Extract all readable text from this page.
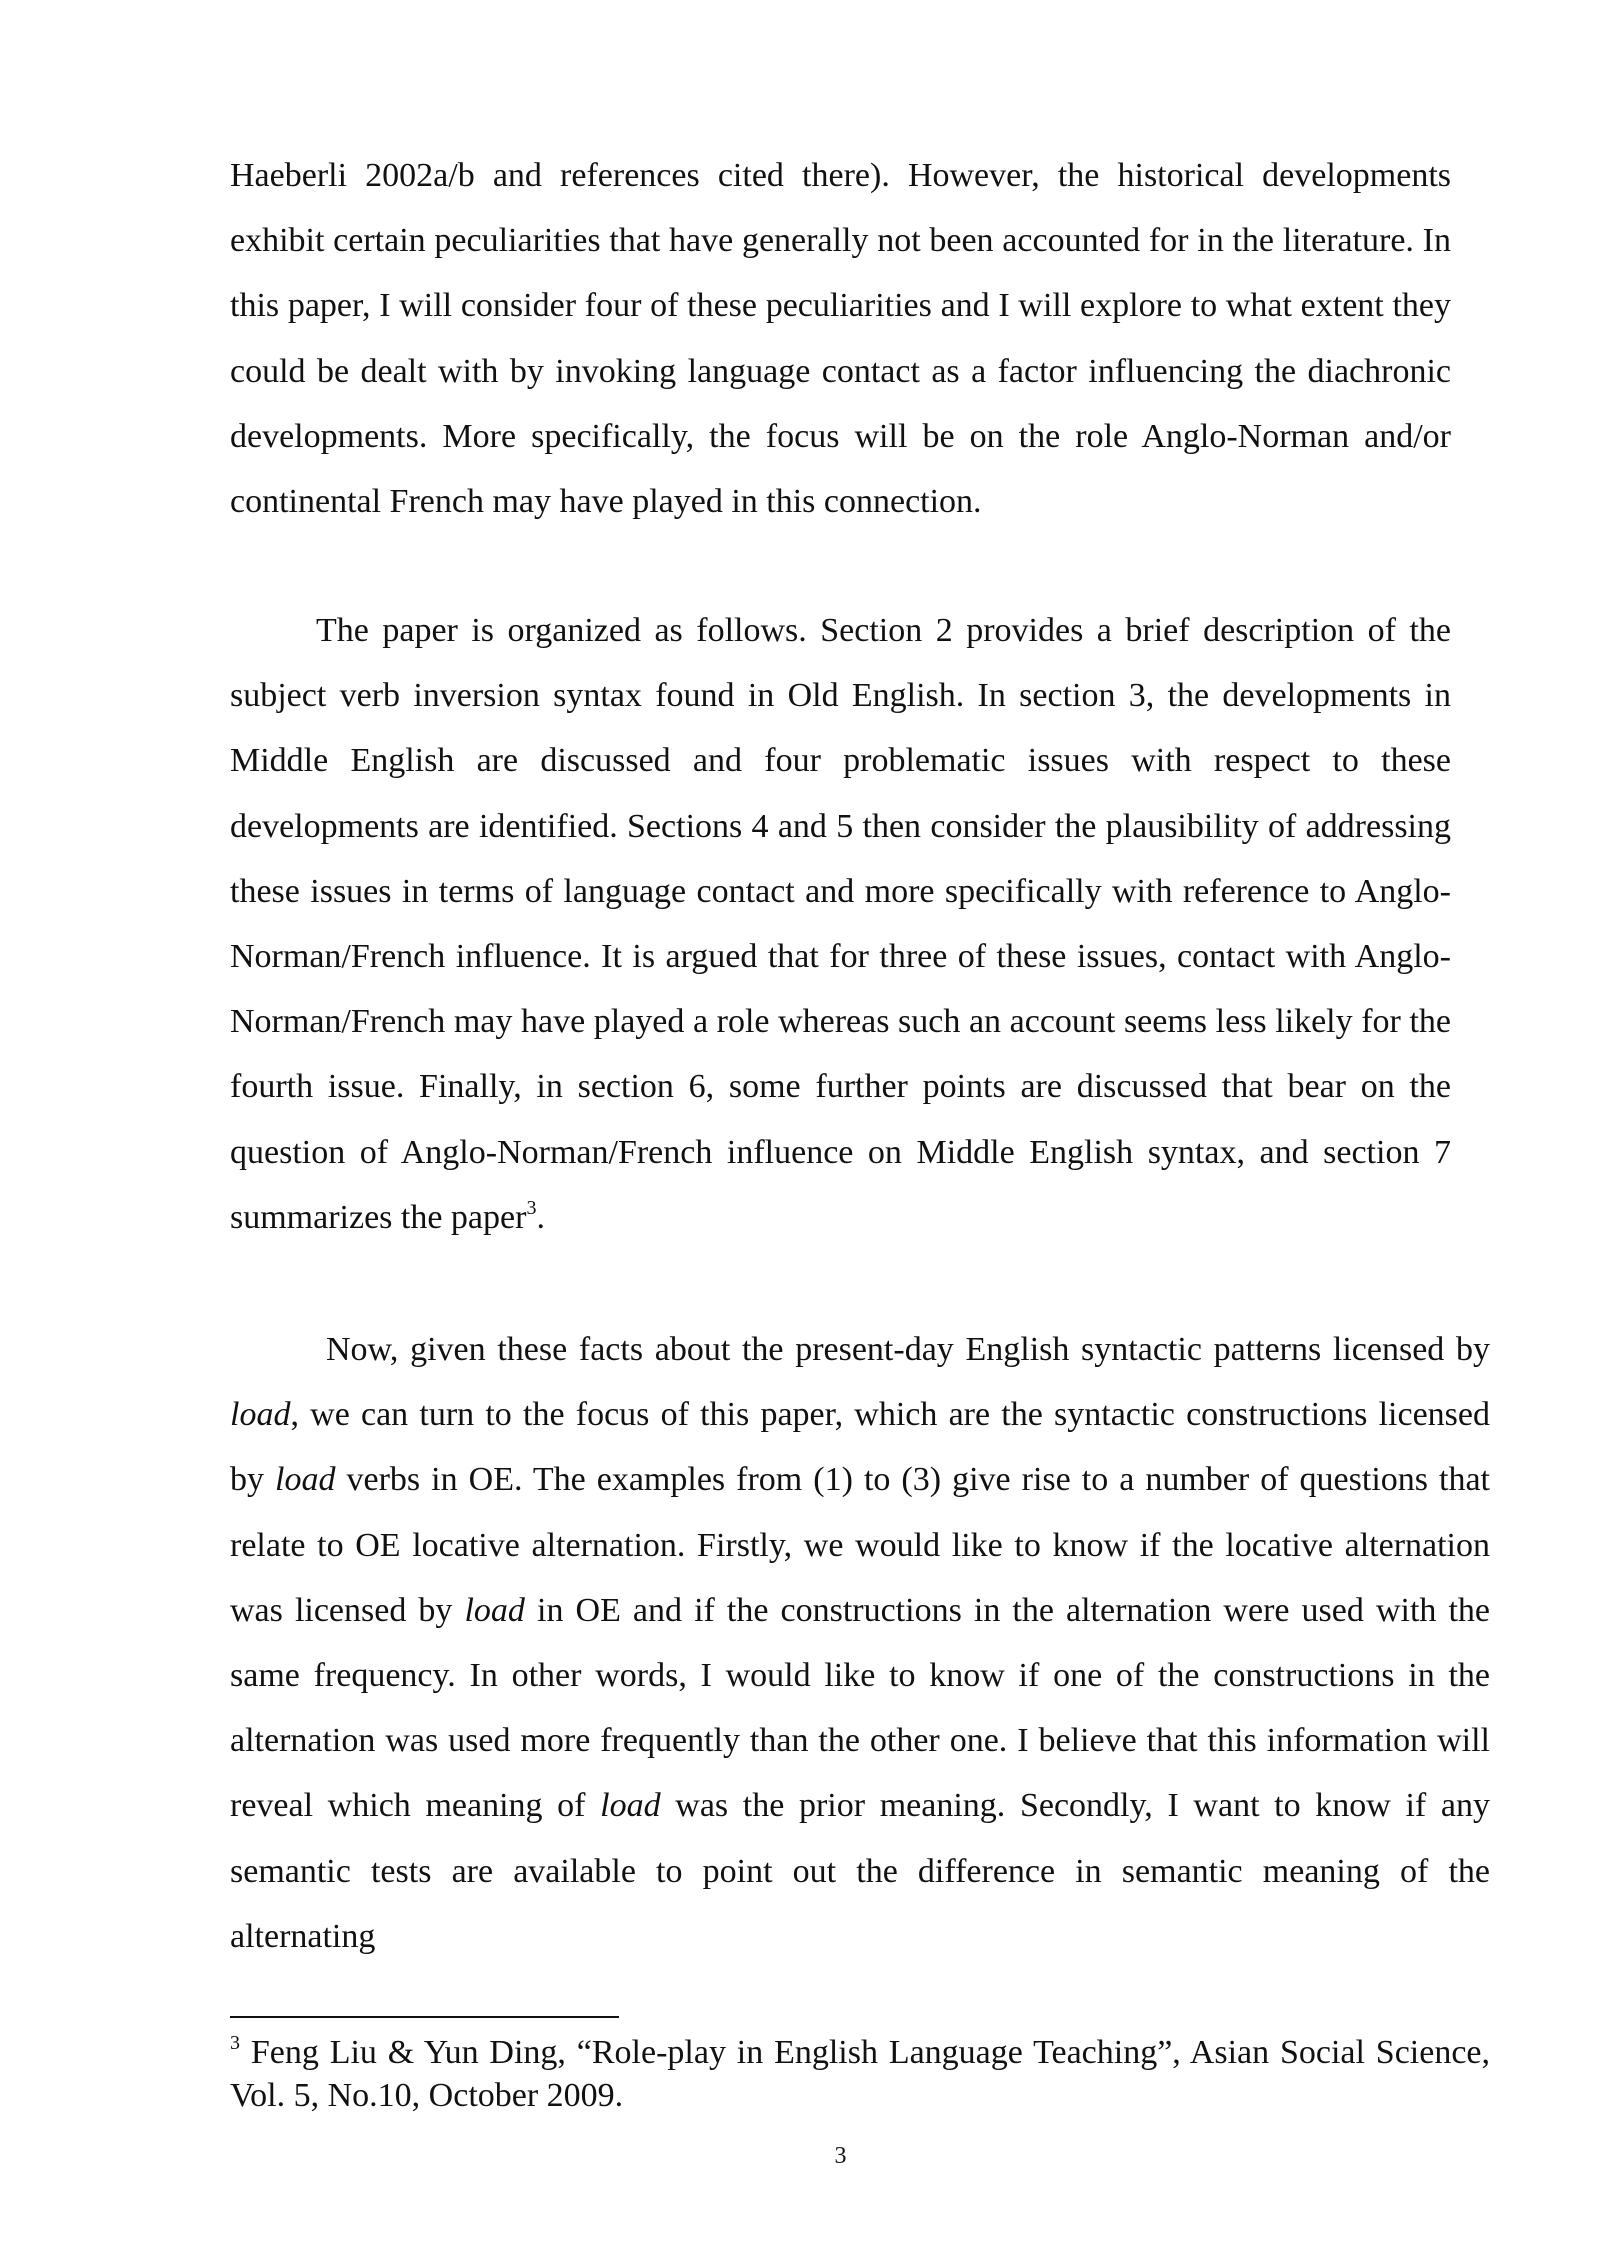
Haeberli 2002a/b and references cited there). However, the historical developments exhibit certain peculiarities that have generally not been accounted for in the literature. In this paper, I will consider four of these peculiarities and I will explore to what extent they could be dealt with by invoking language contact as a factor influencing the diachronic developments. More specifically, the focus will be on the role Anglo-Norman and/or continental French may have played in this connection.

The paper is organized as follows. Section 2 provides a brief description of the subject verb inversion syntax found in Old English. In section 3, the developments in Middle English are discussed and four problematic issues with respect to these developments are identified. Sections 4 and 5 then consider the plausibility of addressing these issues in terms of language contact and more specifically with reference to Anglo-Norman/French influence. It is argued that for three of these issues, contact with Anglo-Norman/French may have played a role whereas such an account seems less likely for the fourth issue. Finally, in section 6, some further points are discussed that bear on the question of Anglo-Norman/French influence on Middle English syntax, and section 7 summarizes the paper$^3$.

Now, given these facts about the present-day English syntactic patterns licensed by load, we can turn to the focus of this paper, which are the syntactic constructions licensed by load verbs in OE. The examples from (1) to (3) give rise to a number of questions that relate to OE locative alternation. Firstly, we would like to know if the locative alternation was licensed by load in OE and if the constructions in the alternation were used with the same frequency. In other words, I would like to know if one of the constructions in the alternation was used more frequently than the other one. I believe that this information will reveal which meaning of load was the prior meaning. Secondly, I want to know if any semantic tests are available to point out the difference in semantic meaning of the alternating

$^3$ Feng Liu & Yun Ding, “Role-play in English Language Teaching”, Asian Social Science, Vol. 5, No.10, October 2009.

3
